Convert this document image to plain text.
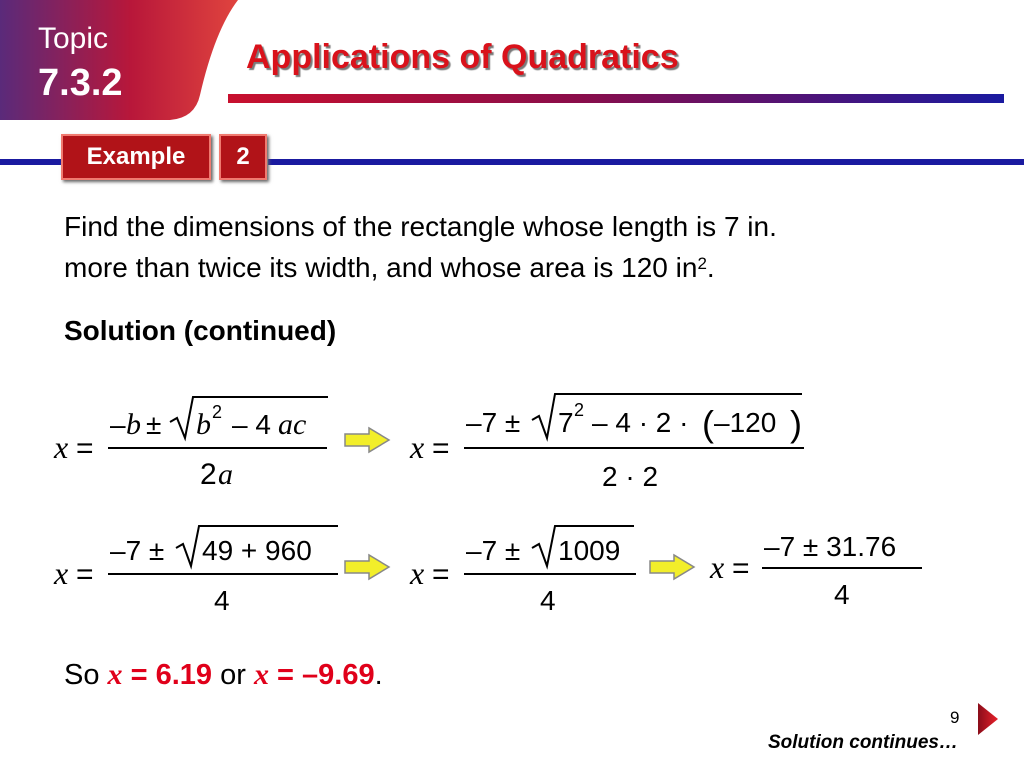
Topic
7.3.2
Applications of Quadratics
Example	2
Find the dimensions of the rectangle whose length is 7 in.
more than twice its width, and whose area is 120 $in^2$.
Solution (continued)
x =
– b ± b 2 – 4 ac
2 a
x =
–7 ± 7 2 – 4 · 2 · ( –120 )
2 · 2
x =
–7 ± 49 + 960
4
x =
–7 ± 1009
4
x =
–7 ± 31.76
4
So x = 6.19 or x = –9.69.
9
Solution continues…
